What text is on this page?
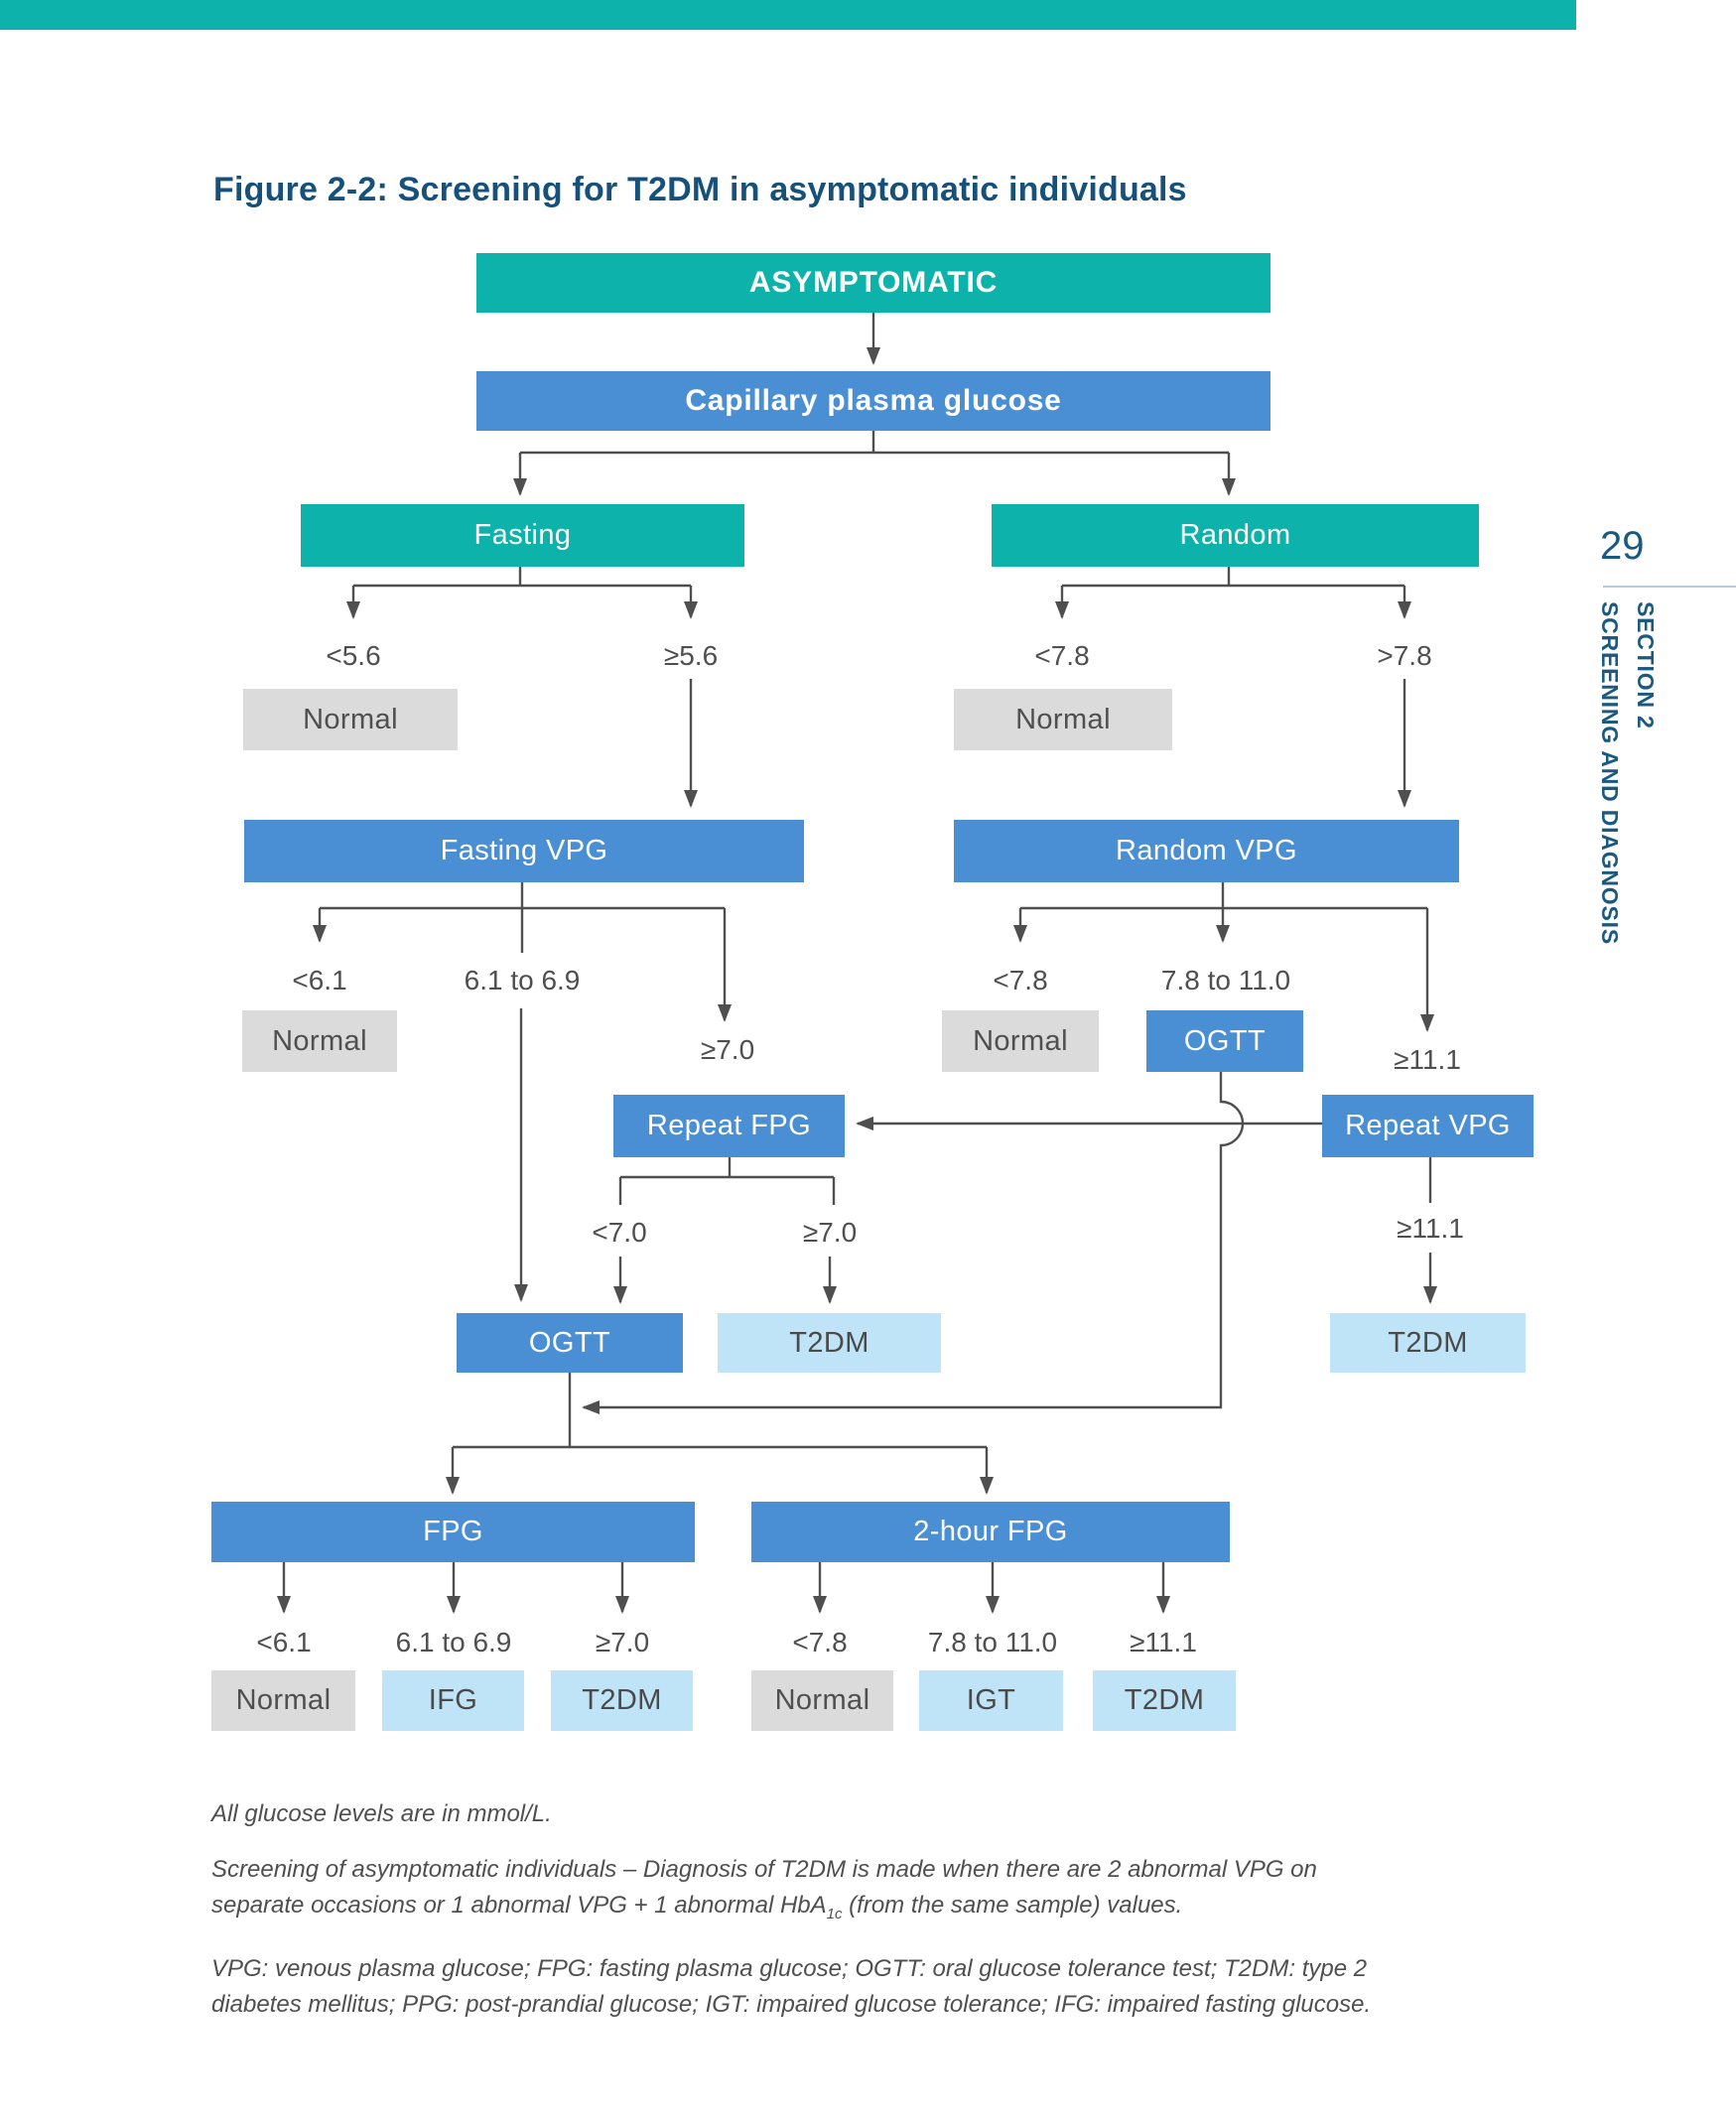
Figure 2-2: Screening for T2DM in asymptomatic individuals
ASYMPTOMATIC
Capillary plasma glucose
Fasting	Random
Normal	Normal
Fasting VPG	Random VPG
Normal	Normal	OGTT
Repeat FPG	Repeat VPG
OGTT	T2DM	T2DM
FPG	2-hour FPG
Normal	IFG	T2DM	Normal	IGT	T2DM
<5.6	≥5.6	<7.8	>7.8
<6.1	6.1 to 6.9
≥7.0
<7.8	7.8 to 11.0
≥11.1
<7.0	≥7.0	≥11.1
<6.1	6.1 to 6.9	≥7.0	<7.8	7.8 to 11.0	≥11.1
All glucose levels are in mmol/L.
Screening of asymptomatic individuals – Diagnosis of T2DM is made when there are 2 abnormal VPG on
separate occasions or 1 abnormal VPG + 1 abnormal HbA$_{1c}$ (from the same sample) values.
VPG: venous plasma glucose; FPG: fasting plasma glucose; OGTT: oral glucose tolerance test; T2DM: type 2
diabetes mellitus; PPG: post-prandial glucose; IGT: impaired glucose tolerance; IFG: impaired fasting glucose.
29
SECTION 2
SCREENING AND DIAGNOSIS
